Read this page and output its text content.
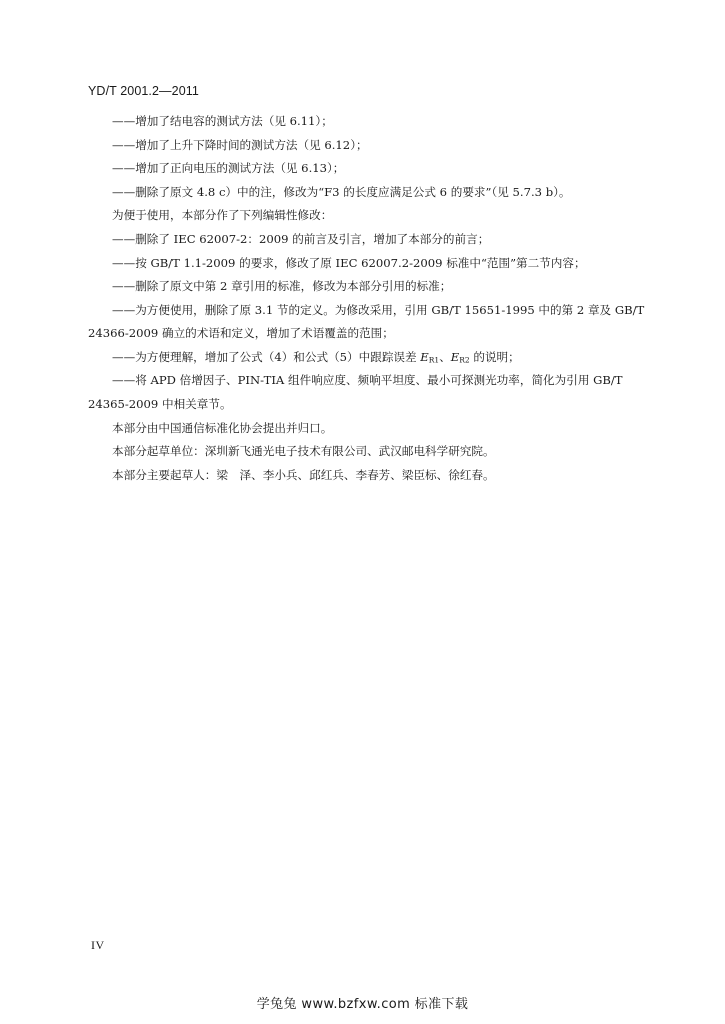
YD/T 2001.2—2011
——增加了结电容的测试方法（见 6.11）；
——增加了上升下降时间的测试方法（见 6.12）；
——增加了正向电压的测试方法（见 6.13）；
——删除了原文 4.8 c）中的注，修改为“F3 的长度应满足公式 6 的要求”（见 5.7.3 b）。
为便于使用，本部分作了下列编辑性修改：
——删除了 IEC 62007-2：2009 的前言及引言，增加了本部分的前言；
——按 GB/T 1.1-2009 的要求，修改了原 IEC 62007.2-2009 标准中“范围”第二节内容；
——删除了原文中第 2 章引用的标准，修改为本部分引用的标准；
——为方便使用，删除了原 3.1 节的定义。为修改采用，引用 GB/T 15651-1995 中的第 2 章及 GB/T
24366-2009 确立的术语和定义，增加了术语覆盖的范围；
——为方便理解，增加了公式（4）和公式（5）中跟踪误差 $E_{R1}$、$E_{R2}$ 的说明；
——将 APD 倍增因子、PIN-TIA 组件响应度、频响平坦度、最小可探测光功率，简化为引用 GB/T
24365-2009 中相关章节。
本部分由中国通信标准化协会提出并归口。
本部分起草单位：深圳新飞通光电子技术有限公司、武汉邮电科学研究院。
本部分主要起草人：梁　泽、李小兵、邱红兵、李春芳、梁臣标、徐红春。
IV
学兔兔 www.bzfxw.com 标准下载
